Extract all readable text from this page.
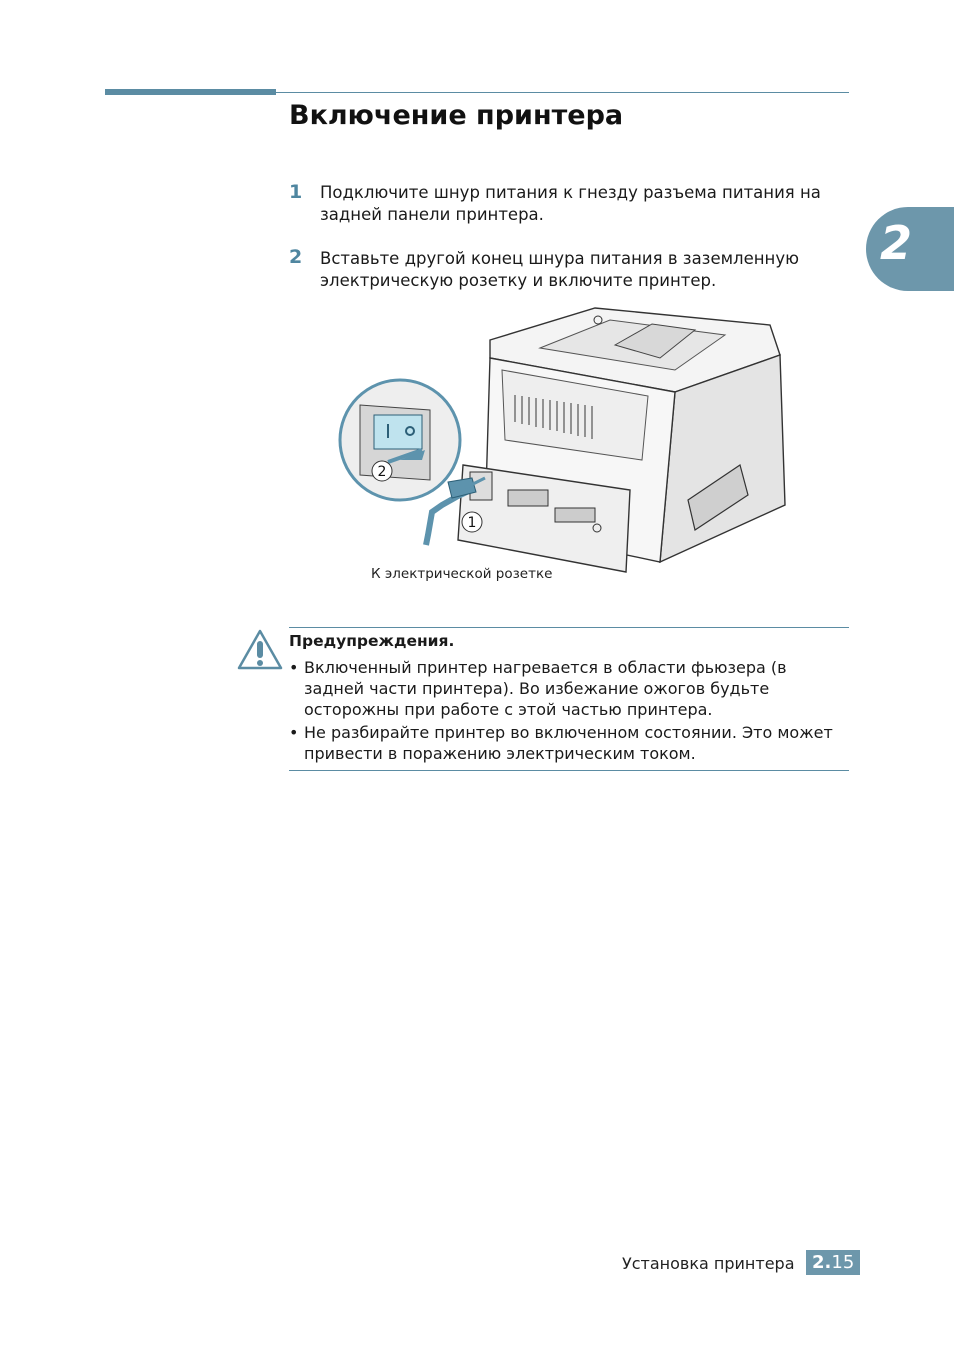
Включение принтера
2
1 Подключите шнур питания к гнезду разъема питания на задней панели принтера.
2 Вставьте другой конец шнура питания в заземленную электрическую розетку и включите принтер.
2
1
К электрической розетке
Предупреждения.
• Включенный принтер нагревается в области фьюзера (в задней части принтера). Во избежание ожогов будьте осторожны при работе с этой частью принтера.
• Не разбирайте принтер во включенном состоянии. Это может привести в поражению электрическим током.
Установка принтера 2.15
